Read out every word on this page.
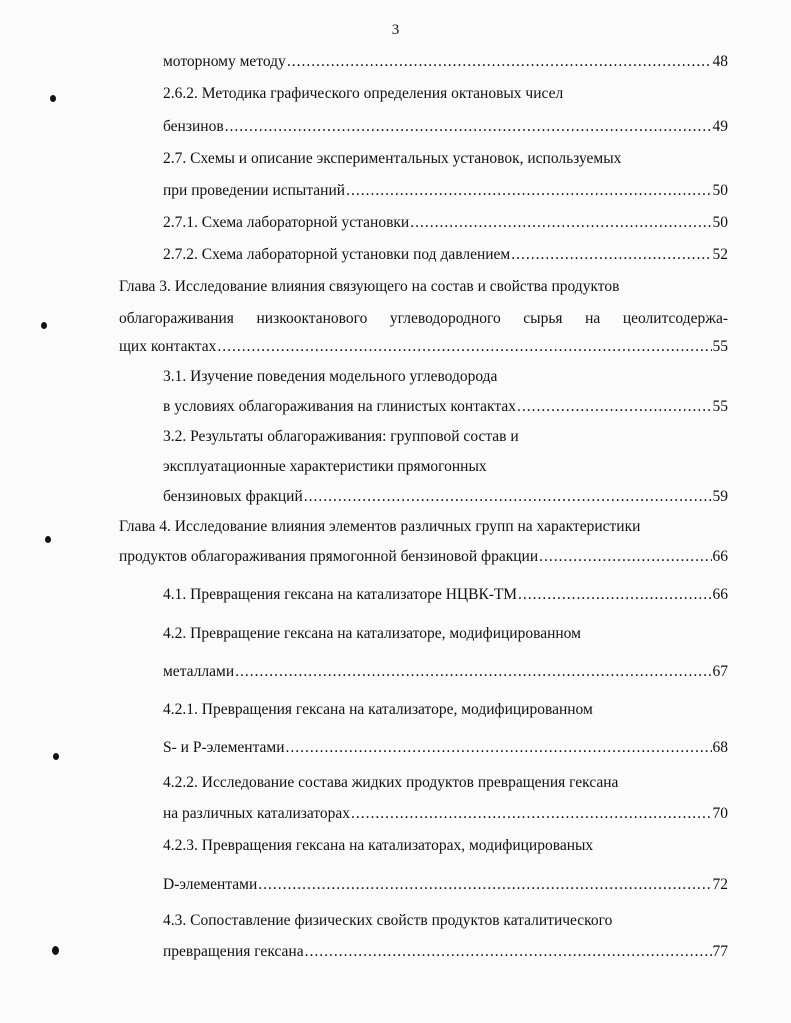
3
моторному методу .....	48
2.6.2. Методика графического определения октановых чисел
бензинов .....	49
2.7. Схемы и описание экспериментальных установок, используемых
при проведении испытаний .....	50
2.7.1. Схема лабораторной установки .....	50
2.7.2. Схема лабораторной установки под давлением .....	52
Глава 3. Исследование влияния связующего на состав и свойства продуктов
облагораживания низкооктанового углеводородного сырья на цеолитсодержа-
щих контактах .....	55
3.1. Изучение поведения модельного углеводорода
в условиях облагораживания на глинистых контактах .....	55
3.2. Результаты облагораживания: групповой состав и
эксплуатационные характеристики прямогонных
бензиновых фракций .....	59
Глава 4. Исследование влияния элементов различных групп на характеристики
продуктов облагораживания прямогонной бензиновой фракции .....	66
4.1. Превращения гексана на катализаторе НЦВК-ТМ .....	66
4.2. Превращение гексана на катализаторе, модифицированном
металлами .....	67
4.2.1. Превращения гексана на катализаторе, модифицированном
S- и P-элементами .....	68
4.2.2. Исследование состава жидких продуктов превращения гексана
на различных катализаторах .....	70
4.2.3. Превращения гексана на катализаторах, модифицированых
D-элементами .....	72
4.3. Сопоставление физических свойств продуктов каталитического
превращения гексана .....	77
